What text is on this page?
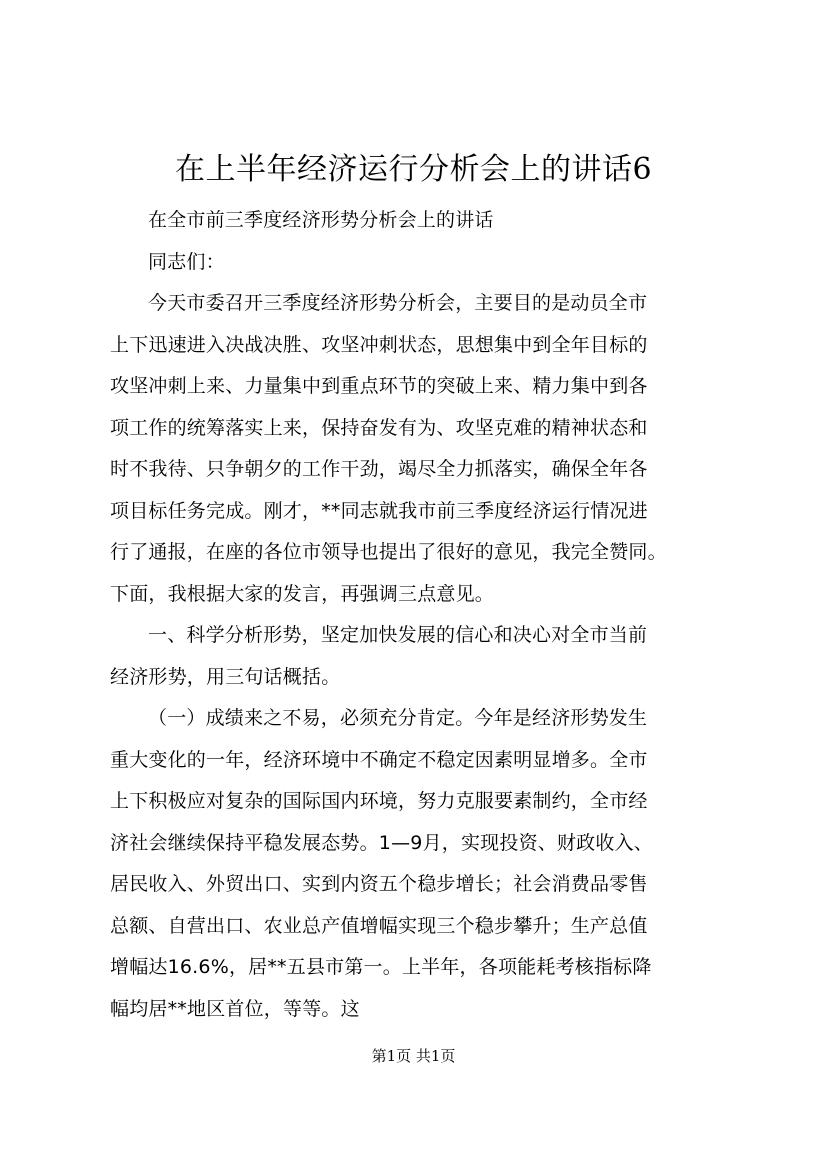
在上半年经济运行分析会上的讲话6
在全市前三季度经济形势分析会上的讲话
同志们：
今天市委召开三季度经济形势分析会，主要目的是动员全市
上下迅速进入决战决胜、攻坚冲刺状态，思想集中到全年目标的
攻坚冲刺上来、力量集中到重点环节的突破上来、精力集中到各
项工作的统筹落实上来，保持奋发有为、攻坚克难的精神状态和
时不我待、只争朝夕的工作干劲，竭尽全力抓落实，确保全年各
项目标任务完成。刚才，**同志就我市前三季度经济运行情况进
行了通报，在座的各位市领导也提出了很好的意见，我完全赞同。
下面，我根据大家的发言，再强调三点意见。
一、科学分析形势，坚定加快发展的信心和决心对全市当前
经济形势，用三句话概括。
（一）成绩来之不易，必须充分肯定。今年是经济形势发生
重大变化的一年，经济环境中不确定不稳定因素明显增多。全市
上下积极应对复杂的国际国内环境，努力克服要素制约，全市经
济社会继续保持平稳发展态势。1—9月，实现投资、财政收入、
居民收入、外贸出口、实到内资五个稳步增长；社会消费品零售
总额、自营出口、农业总产值增幅实现三个稳步攀升；生产总值
增幅达16.6%，居**五县市第一。上半年，各项能耗考核指标降
幅均居**地区首位，等等。这
第1页 共1页
